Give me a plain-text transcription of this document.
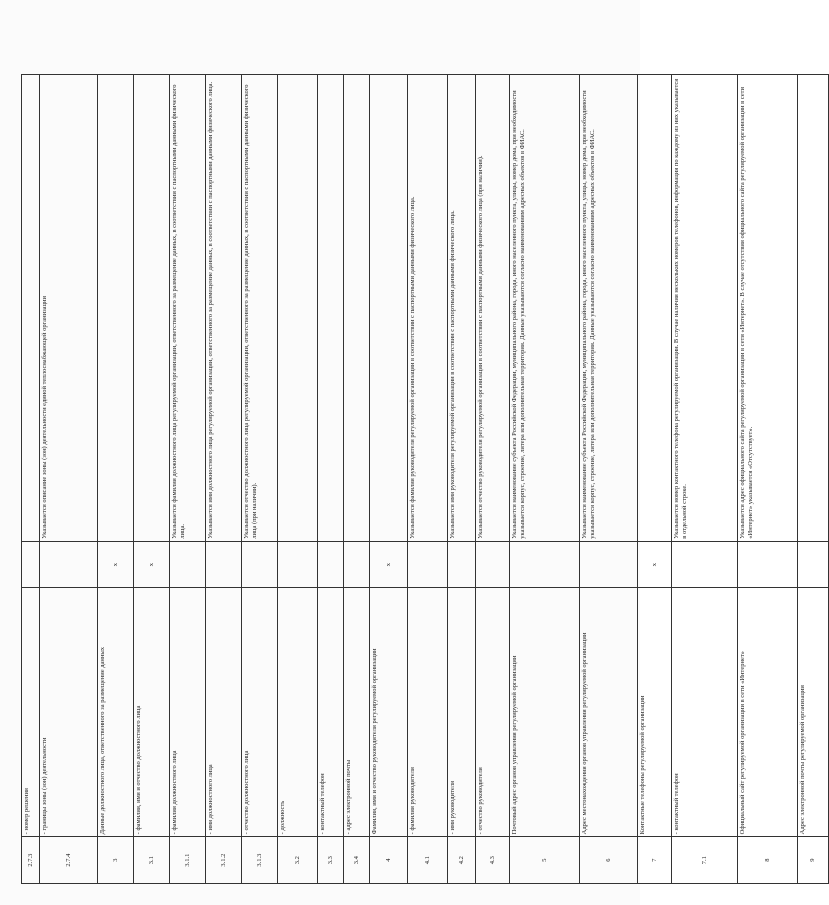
2.7.3	- номер решения		
2.7.4	- границы зоны (зон) деятельности		Указывается описание зоны (зон) деятельности единой теплоснабжающей организации
3	Данные должностного лица, ответственного за размещение данных	х	
3.1	- фамилия, имя и отчество должностного лица	х	
3.1.1	- фамилия должностного лица		Указывается фамилия должностного лица регулируемой организации, ответственного за размещение данных, в соответствии с паспортными данными физического лица.
3.1.2	- имя должностного лица		Указывается имя должностного лица регулируемой организации, ответственного за размещение данных, в соответствии с паспортными данными физического лица.
3.1.3	- отчество должностного лица		Указывается отчество должностного лица регулируемой организации, ответственного за размещение данных, в соответствии с паспортными данными физического лица (при наличии).
3.2	- должность		
3.3	- контактный телефон		
3.4	- адрес электронной почты		
4	Фамилия, имя и отчество руководителя регулируемой организации	х	
4.1	- фамилия руководителя		Указывается фамилия руководителя регулируемой организации в соответствии с паспортными данными физического лица.
4.2	- имя руководителя		Указывается имя руководителя регулируемой организации в соответствии с паспортными данными физического лица.
4.3	- отчество руководителя		Указывается отчество руководителя регулируемой организации в соответствии с паспортными данными физического лица (при наличии).
5	Почтовый адрес органов управления регулируемой организации		Указывается наименование субъекта Российской Федерации, муниципального района, города, иного населенного пункта, улицы, номер дома, при необходимости указывается корпус, строение, литера или дополнительная территория. Данные указываются согласно наименованиям адресных объектов в ФИАС.
6	Адрес местонахождения органов управления регулируемой организации		Указывается наименование субъекта Российской Федерации, муниципального района, города, иного населенного пункта, улицы, номер дома, при необходимости указывается корпус, строение, литера или дополнительная территория. Данные указываются согласно наименованиям адресных объектов в ФИАС.
7	Контактные телефоны регулируемой организации	х	
7.1	- контактный телефон		Указывается номер контактного телефона регулируемой организации. В случае наличия нескольких номеров телефонов, информация по каждому из них указывается в отдельной строке.
8	Официальный сайт регулируемой организации в сети «Интернет»		Указывается адрес официального сайта регулируемой организации в сети «Интернет». В случае отсутствия официального сайта регулируемой организации в сети «Интернет» указывается «Отсутствует».
9	Адрес электронной почты регулируемой организации		
